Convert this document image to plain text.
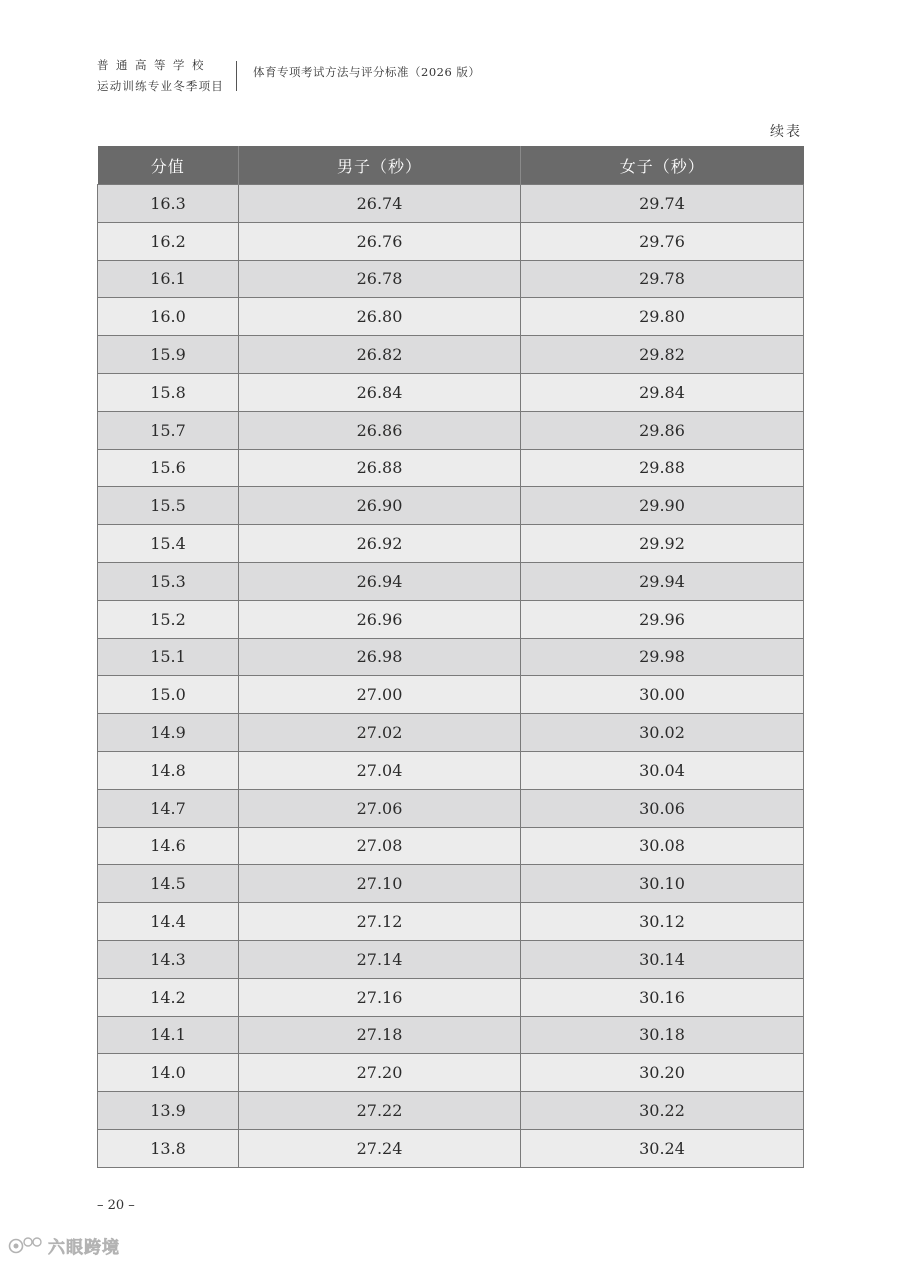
普通高等学校
运动训练专业冬季项目
体育专项考试方法与评分标准（2026 版）
续表
分值	男子（秒）	女子（秒）
16.3	26.74	29.74
16.2	26.76	29.76
16.1	26.78	29.78
16.0	26.80	29.80
15.9	26.82	29.82
15.8	26.84	29.84
15.7	26.86	29.86
15.6	26.88	29.88
15.5	26.90	29.90
15.4	26.92	29.92
15.3	26.94	29.94
15.2	26.96	29.96
15.1	26.98	29.98
15.0	27.00	30.00
14.9	27.02	30.02
14.8	27.04	30.04
14.7	27.06	30.06
14.6	27.08	30.08
14.5	27.10	30.10
14.4	27.12	30.12
14.3	27.14	30.14
14.2	27.16	30.16
14.1	27.18	30.18
14.0	27.20	30.20
13.9	27.22	30.22
13.8	27.24	30.24
– 20 –
六眼跨境
